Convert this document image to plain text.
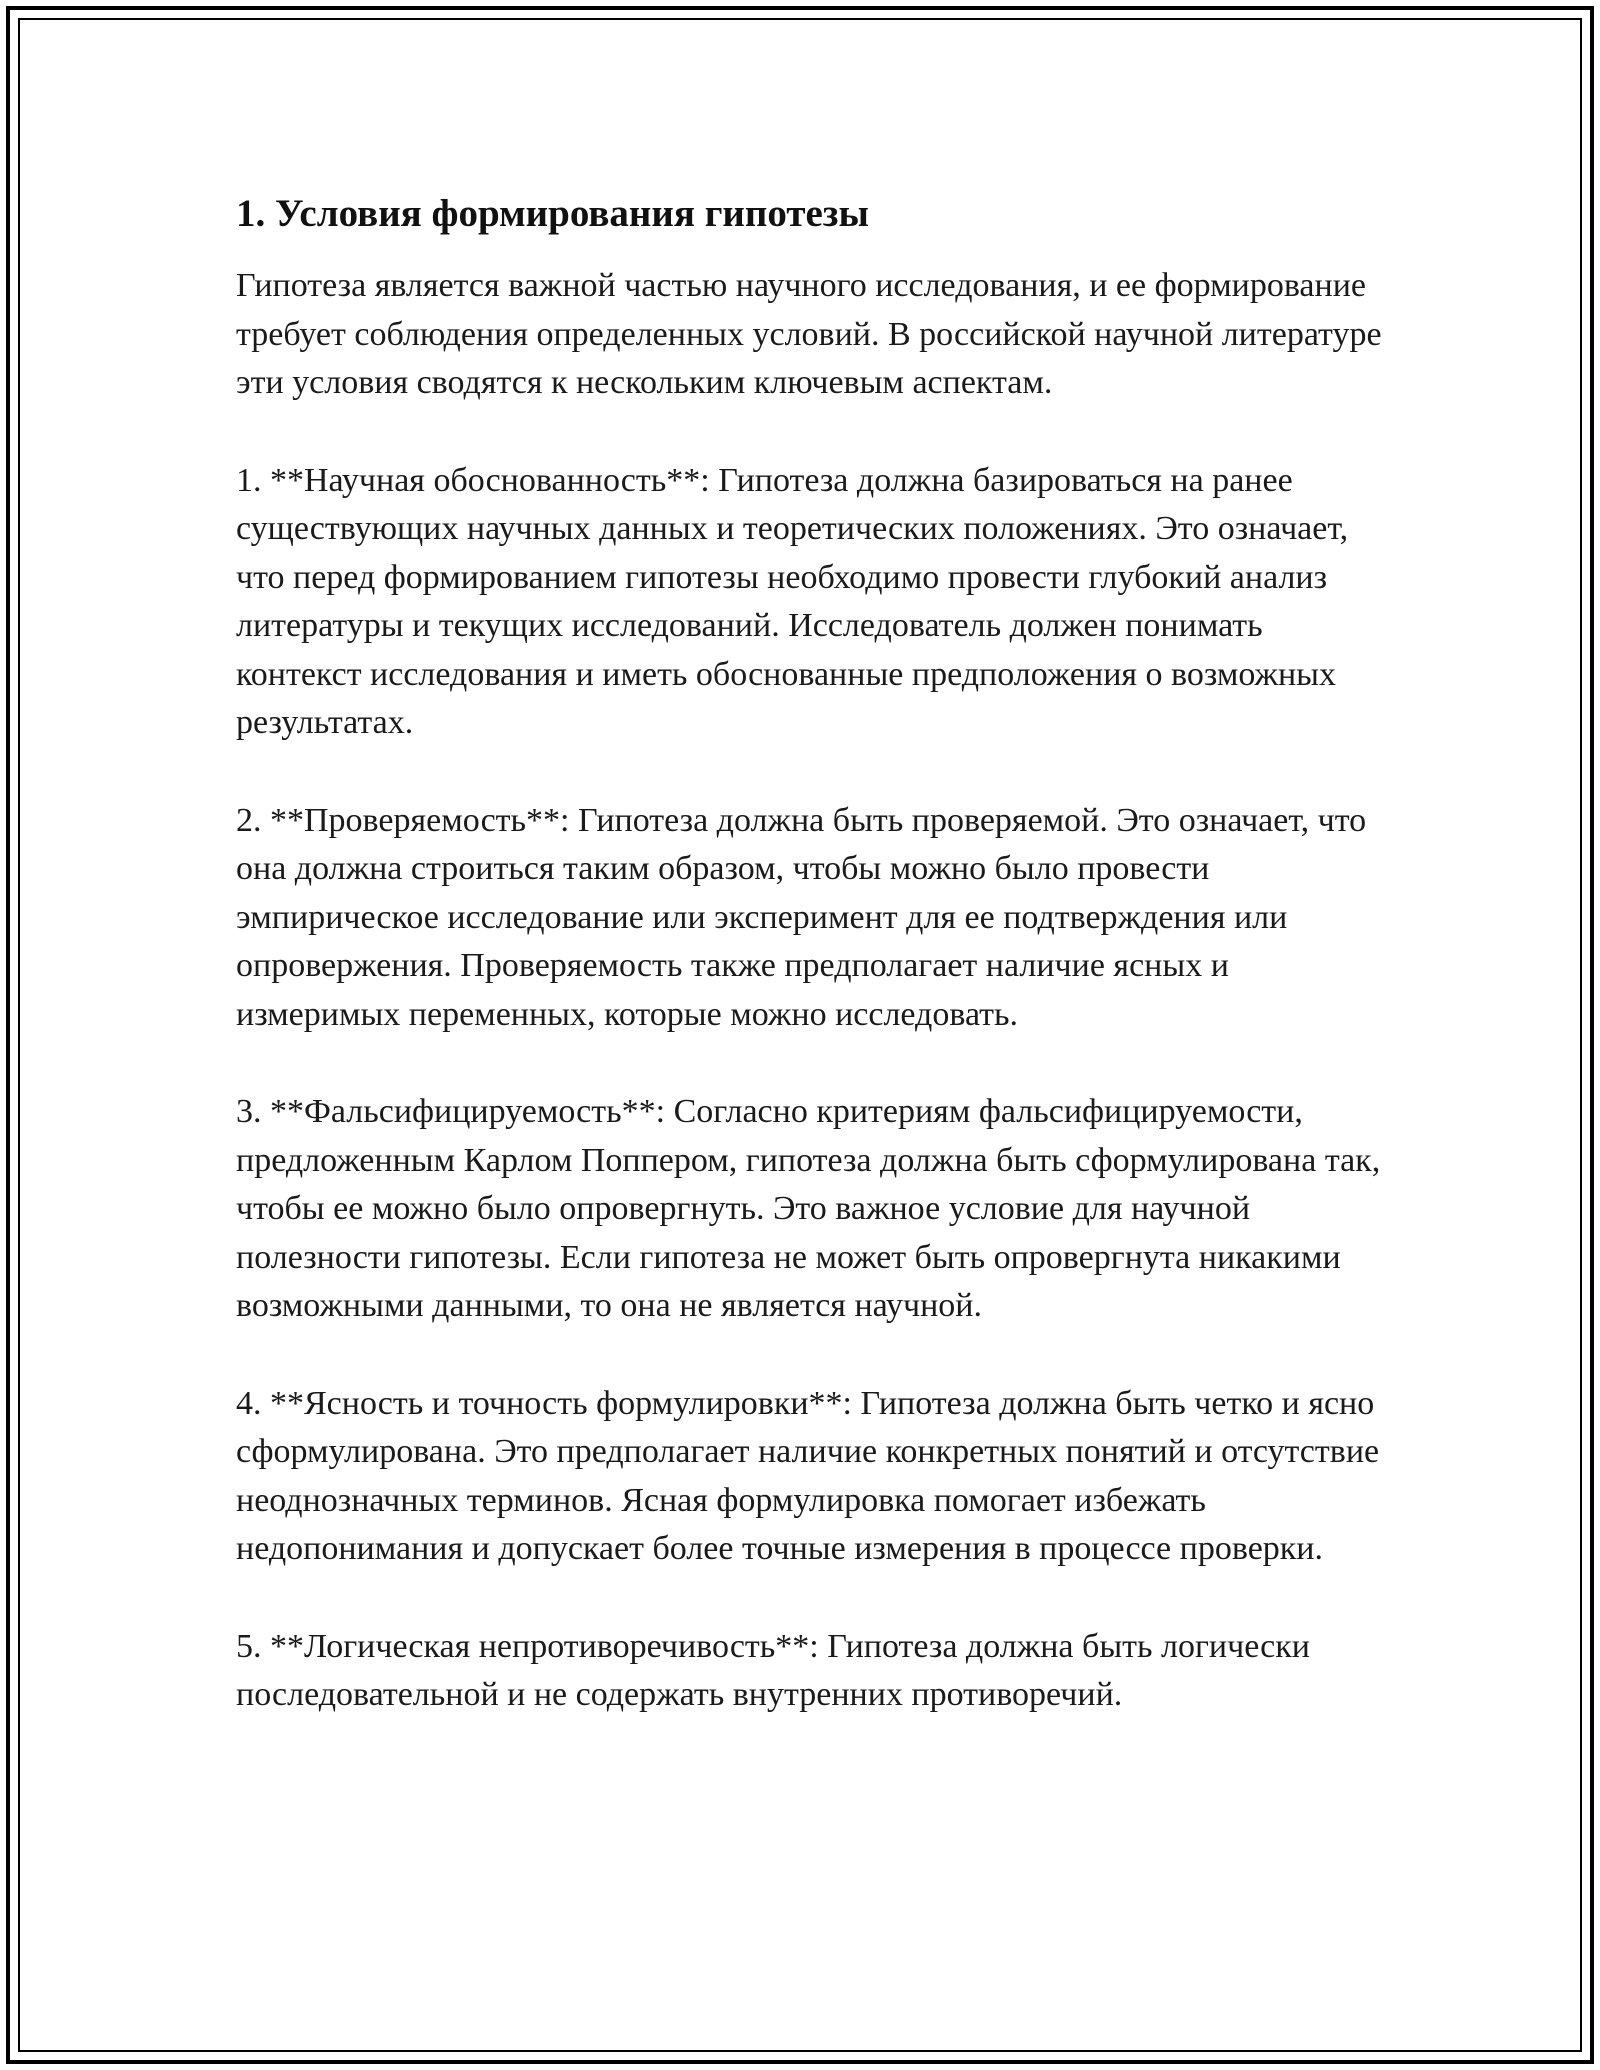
1. Условия формирования гипотезы

Гипотеза является важной частью научного исследования, и ее формирование требует соблюдения определенных условий. В российской научной литературе эти условия сводятся к нескольким ключевым аспектам.

1. **Научная обоснованность**: Гипотеза должна базироваться на ранее существующих научных данных и теоретических положениях. Это означает, что перед формированием гипотезы необходимо провести глубокий анализ литературы и текущих исследований. Исследователь должен понимать контекст исследования и иметь обоснованные предположения о возможных результатах.

2. **Проверяемость**: Гипотеза должна быть проверяемой. Это означает, что она должна строиться таким образом, чтобы можно было провести эмпирическое исследование или эксперимент для ее подтверждения или опровержения. Проверяемость также предполагает наличие ясных и измеримых переменных, которые можно исследовать.

3. **Фальсифицируемость**: Согласно критериям фальсифицируемости, предложенным Карлом Поппером, гипотеза должна быть сформулирована так, чтобы ее можно было опровергнуть. Это важное условие для научной полезности гипотезы. Если гипотеза не может быть опровергнута никакими возможными данными, то она не является научной.

4. **Ясность и точность формулировки**: Гипотеза должна быть четко и ясно сформулирована. Это предполагает наличие конкретных понятий и отсутствие неоднозначных терминов. Ясная формулировка помогает избежать недопонимания и допускает более точные измерения в процессе проверки.

5. **Логическая непротиворечивость**: Гипотеза должна быть логически последовательной и не содержать внутренних противоречий.
